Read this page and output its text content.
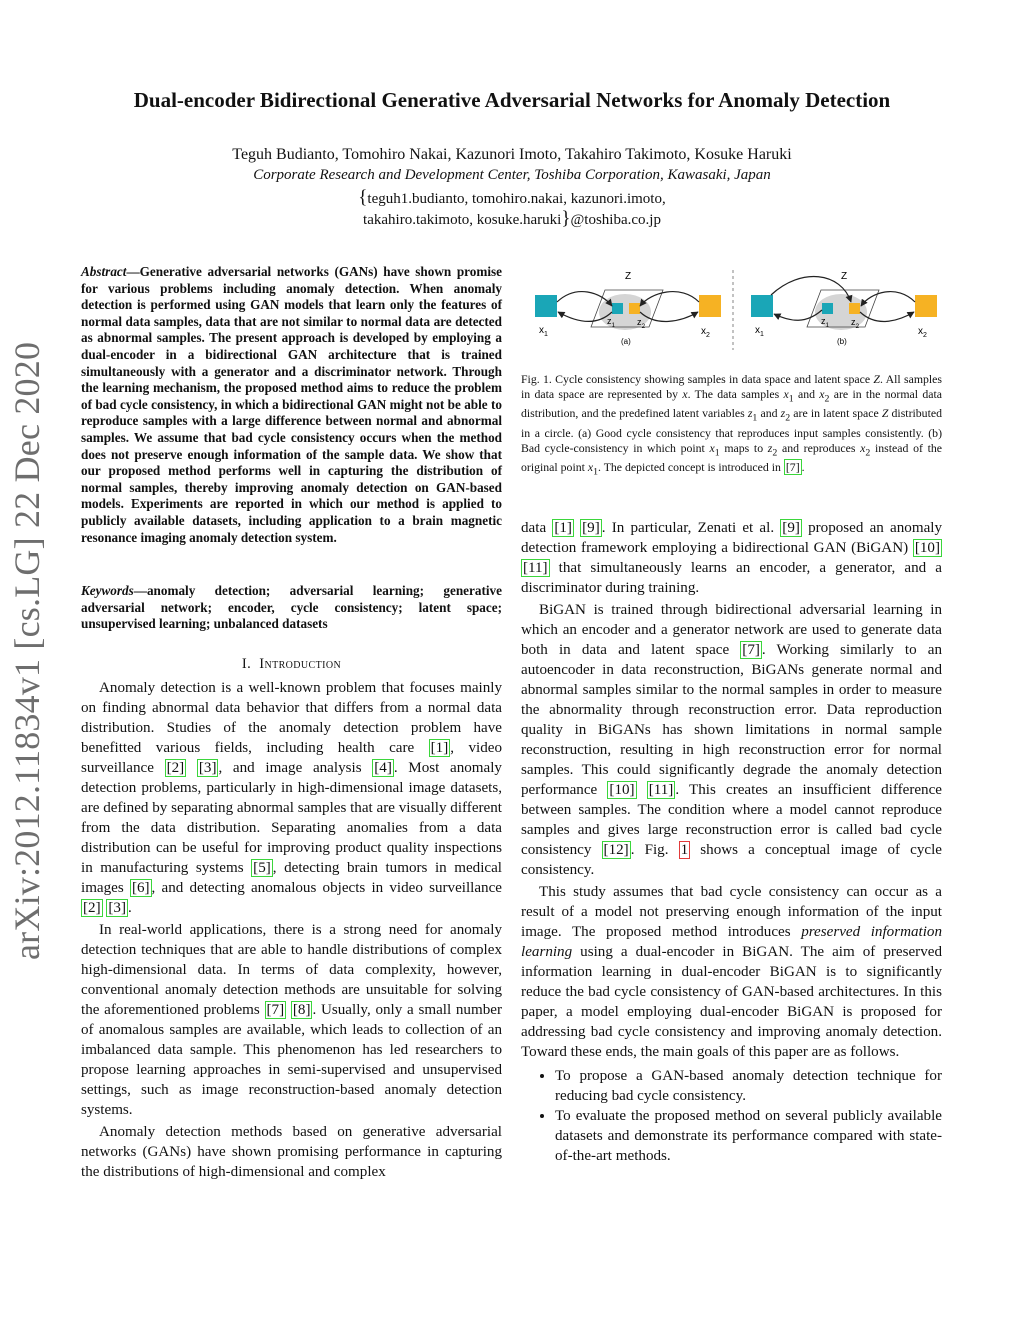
arXiv:2012.11834v1 [cs.LG] 22 Dec 2020
Dual-encoder Bidirectional Generative Adversarial Networks for Anomaly Detection
Teguh Budianto, Tomohiro Nakai, Kazunori Imoto, Takahiro Takimoto, Kosuke Haruki
Corporate Research and Development Center, Toshiba Corporation, Kawasaki, Japan
{teguh1.budianto, tomohiro.nakai, kazunori.imoto,
takahiro.takimoto, kosuke.haruki}@toshiba.co.jp

Abstract—Generative adversarial networks (GANs) have shown promise for various problems including anomaly detection. When anomaly detection is performed using GAN models that learn only the features of normal data samples, data that are not similar to normal data are detected as abnormal samples. The present approach is developed by employing a dual-encoder in a bidirectional GAN architecture that is trained simultaneously with a generator and a discriminator network. Through the learning mechanism, the proposed method aims to reduce the problem of bad cycle consistency, in which a bidirectional GAN might not be able to reproduce samples with a large difference between normal and abnormal samples. We assume that bad cycle consistency occurs when the method does not preserve enough information of the sample data. We show that our proposed method performs well in capturing the distribution of normal samples, thereby improving anomaly detection on GAN-based models. Experiments are reported in which our method is applied to publicly available datasets, including application to a brain magnetic resonance imaging anomaly detection system.

Keywords—anomaly detection; adversarial learning; generative adversarial network; encoder, cycle consistency; latent space; unsupervised learning; unbalanced datasets
I. Introduction

Anomaly detection is a well-known problem that focuses mainly on finding abnormal data behavior that differs from a normal data distribution. Studies of the anomaly detection problem have benefitted various fields, including health care [1] , video surveillance [2] [3] , and image analysis [4] . Most anomaly detection problems, particularly in high-dimensional image datasets, are defined by separating abnormal samples that are visually different from the data distribution. Separating anomalies from a data distribution can be useful for improving product quality inspections in manufacturing systems [5] , detecting brain tumors in medical images [6] , and detecting anomalous objects in video surveillance [2] [3] .

In real-world applications, there is a strong need for anomaly detection techniques that are able to handle distributions of complex high-dimensional data. In terms of data complexity, however, conventional anomaly detection methods are unsuitable for solving the aforementioned problems [7] [8] . Usually, only a small number of anomalous samples are available, which leads to collection of an imbalanced data sample. This phenomenon has led researchers to propose learning approaches in semi-supervised and unsupervised settings, such as image reconstruction-based anomaly detection systems.

Anomaly detection methods based on generative adversarial networks (GANs) have shown promising performance in capturing the distributions of high-dimensional and complex

Z
$x_1$	$x_2$
$z_1$ $z_2$
(a)
Z
$x_1$	$x_2$
$z_1$ $z_2$
(b)
Fig. 1. Cycle consistency showing samples in data space and latent space Z. All samples in data space are represented by x. The data samples $x_1$ and $x_2$ are in the normal data distribution, and the predefined latent variables $z_1$ and $z_2$ are in latent space Z distributed in a circle. (a) Good cycle consistency that reproduces input samples consistently. (b) Bad cycle-consistency in which point $x_1$ maps to $z_2$ and reproduces $x_2$ instead of the original point $x_1$. The depicted concept is introduced in [7] .

data [1] [9] . In particular, Zenati et al. [9] proposed an anomaly detection framework employing a bidirectional GAN (BiGAN) [10] [11] that simultaneously learns an encoder, a generator, and a discriminator during training.

BiGAN is trained through bidirectional adversarial learning in which an encoder and a generator network are used to generate data both in data and latent space [7] . Working similarly to an autoencoder in data reconstruction, BiGANs generate normal and abnormal samples similar to the normal samples in order to measure the abnormality through reconstruction error. Data reproduction quality in BiGANs has shown limitations in normal sample reconstruction, resulting in high reconstruction error for normal samples. This could significantly degrade the anomaly detection performance [10] [11] . This creates an insufficient difference between samples. The condition where a model cannot reproduce samples and gives large reconstruction error is called bad cycle consistency [12] . Fig. 1 shows a conceptual image of cycle consistency.

This study assumes that bad cycle consistency can occur as a result of a model not preserving enough information of the input image. The proposed method introduces preserved information learning using a dual-encoder in BiGAN. The aim of preserved information learning in dual-encoder BiGAN is to significantly reduce the bad cycle consistency of GAN-based architectures. In this paper, a model employing dual-encoder BiGAN is proposed for addressing bad cycle consistency and improving anomaly detection. Toward these ends, the main goals of this paper are as follows.

• To propose a GAN-based anomaly detection technique for reducing bad cycle consistency.
• To evaluate the proposed method on several publicly available datasets and demonstrate its performance compared with state-of-the-art methods.
